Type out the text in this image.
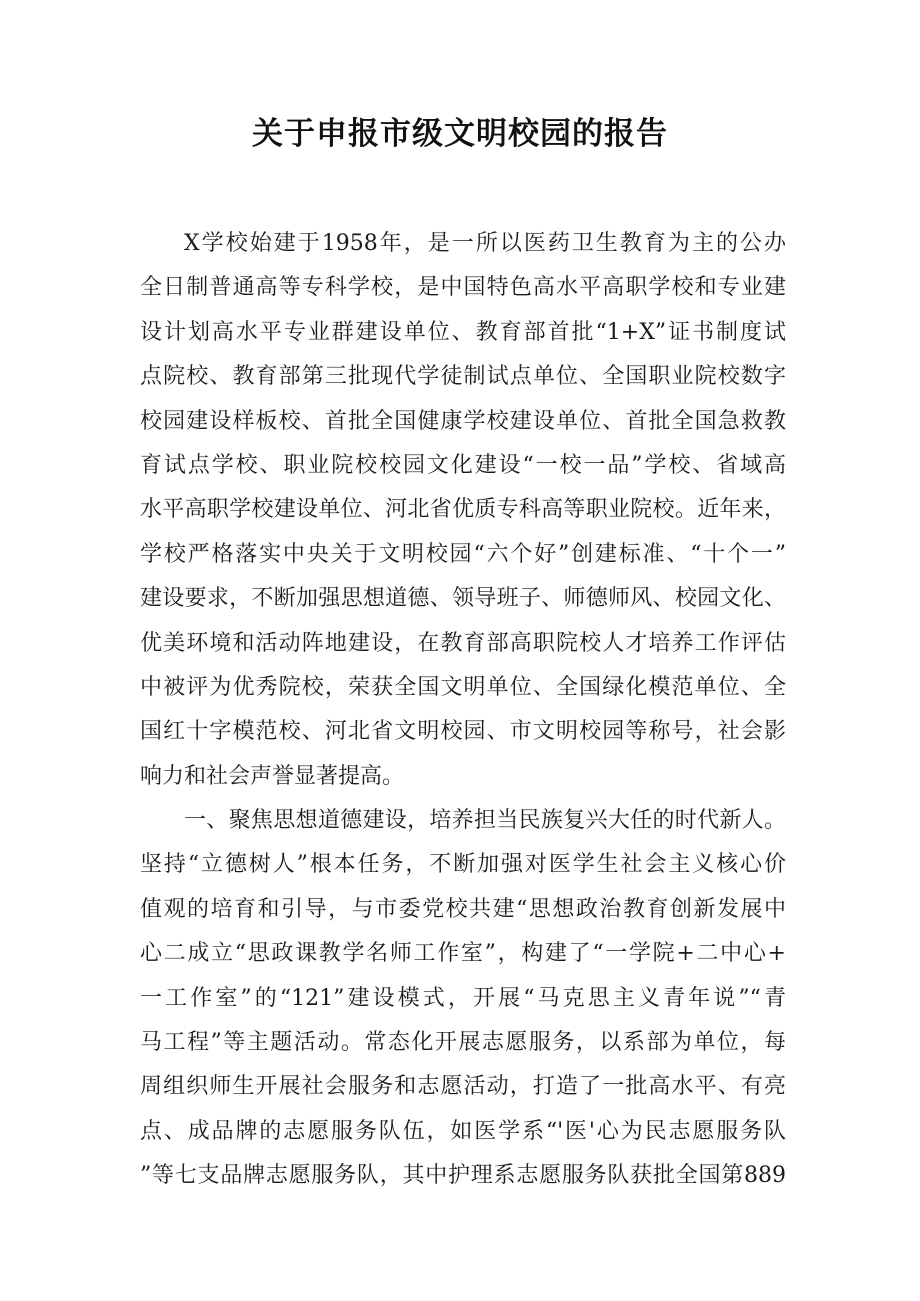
关于申报市级文明校园的报告
X学校始建于1958年，是一所以医药卫生教育为主的公办
全日制普通高等专科学校，是中国特色高水平高职学校和专业建
设计划高水平专业群建设单位、教育部首批“1+X”证书制度试
点院校、教育部第三批现代学徒制试点单位、全国职业院校数字
校园建设样板校、首批全国健康学校建设单位、首批全国急救教
育试点学校、职业院校校园文化建设“一校一品”学校、省域高
水平高职学校建设单位、河北省优质专科高等职业院校。近年来，
学校严格落实中央关于文明校园“六个好”创建标准、“十个一”
建设要求，不断加强思想道德、领导班子、师德师风、校园文化、
优美环境和活动阵地建设，在教育部高职院校人才培养工作评估
中被评为优秀院校，荣获全国文明单位、全国绿化模范单位、全
国红十字模范校、河北省文明校园、市文明校园等称号，社会影
响力和社会声誉显著提高。
一、聚焦思想道德建设，培养担当民族复兴大任的时代新人。
坚持“立德树人”根本任务，不断加强对医学生社会主义核心价
值观的培育和引导，与市委党校共建“思想政治教育创新发展中
心二成立“思政课教学名师工作室”，构建了“一学院+二中心+
一工作室”的“121”建设模式，开展“马克思主义青年说”“青
马工程”等主题活动。常态化开展志愿服务，以系部为单位，每
周组织师生开展社会服务和志愿活动，打造了一批高水平、有亮
点、成品牌的志愿服务队伍，如医学系“'医'心为民志愿服务队
”等七支品牌志愿服务队，其中护理系志愿服务队获批全国第889
